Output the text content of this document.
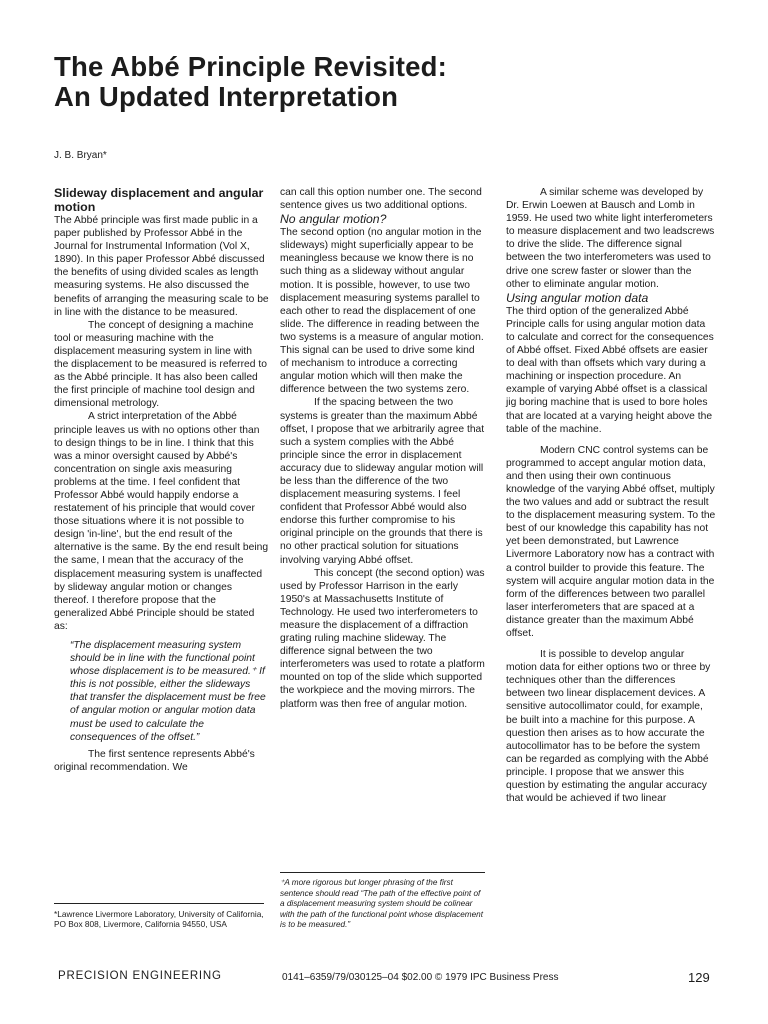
The Abbé Principle Revisited:
An Updated Interpretation
J. B. Bryan*

Slideway displacement and angular motion

The Abbé principle was first made public in a paper published by Professor Abbé in the Journal for Instrumental Information (Vol X, 1890). In this paper Professor Abbé discussed the benefits of using divided scales as length measuring systems. He also discussed the benefits of arranging the measuring scale to be in line with the distance to be measured.

The concept of designing a machine tool or measuring machine with the displacement measuring system in line with the displacement to be measured is referred to as the Abbé principle. It has also been called the first principle of machine tool design and dimensional metrology.

A strict interpretation of the Abbé principle leaves us with no options other than to design things to be in line. I think that this was a minor oversight caused by Abbé's concentration on single axis measuring problems at the time. I feel confident that Professor Abbé would happily endorse a restatement of his principle that would cover those situations where it is not possible to design 'in-line', but the end result of the alternative is the same. By the end result being the same, I mean that the accuracy of the displacement measuring system is unaffected by slideway angular motion or changes thereof. I therefore propose that the generalized Abbé Principle should be stated as:

“The displacement measuring system should be in line with the functional point whose displacement is to be measured.⁺ If this is not possible, either the slideways that transfer the displacement must be free of angular motion or angular motion data must be used to calculate the consequences of the offset.”

The first sentence represents Abbé's original recommendation. We

*Lawrence Livermore Laboratory, University of California, PO Box 808, Livermore, California 94550, USA

can call this option number one. The second sentence gives us two additional options.

No angular motion?

The second option (no angular motion in the slideways) might superficially appear to be meaningless because we know there is no such thing as a slideway without angular motion. It is possible, however, to use two displacement measuring systems parallel to each other to read the displacement of one slide. The difference in reading between the two systems is a measure of angular motion. This signal can be used to drive some kind of mechanism to introduce a correcting angular motion which will then make the difference between the two systems zero.

If the spacing between the two systems is greater than the maximum Abbé offset, I propose that we arbitrarily agree that such a system complies with the Abbé principle since the error in displacement accuracy due to slideway angular motion will be less than the difference of the two displacement measuring systems. I feel confident that Professor Abbé would also endorse this further compromise to his original principle on the grounds that there is no other practical solution for situations involving varying Abbé offset.

This concept (the second option) was used by Professor Harrison in the early 1950's at Massachusetts Institute of Technology. He used two interferometers to measure the displacement of a diffraction grating ruling machine slideway. The difference signal between the two interferometers was used to rotate a platform mounted on top of the slide which supported the workpiece and the moving mirrors. The platform was then free of angular motion.

⁺A more rigorous but longer phrasing of the first sentence should read “The path of the effective point of a displacement measuring system should be colinear with the path of the functional point whose displacement is to be measured.”

A similar scheme was developed by Dr. Erwin Loewen at Bausch and Lomb in 1959. He used two white light interferometers to measure displacement and two leadscrews to drive the slide. The difference signal between the two interferometers was used to drive one screw faster or slower than the other to eliminate angular motion.

Using angular motion data

The third option of the generalized Abbé Principle calls for using angular motion data to calculate and correct for the consequences of Abbé offset. Fixed Abbé offsets are easier to deal with than offsets which vary during a machining or inspection procedure. An example of varying Abbé offset is a classical jig boring machine that is used to bore holes that are located at a varying height above the table of the machine.

Modern CNC control systems can be programmed to accept angular motion data, and then using their own continuous knowledge of the varying Abbé offset, multiply the two values and add or subtract the result to the displacement measuring system. To the best of our knowledge this capability has not yet been demonstrated, but Lawrence Livermore Laboratory now has a contract with a control builder to provide this feature. The system will acquire angular motion data in the form of the differences between two parallel laser interferometers that are spaced at a distance greater than the maximum Abbé offset.

It is possible to develop angular motion data for either options two or three by techniques other than the differences between two linear displacement devices. A sensitive autocollimator could, for example, be built into a machine for this purpose. A question then arises as to how accurate the autocollimator has to be before the system can be regarded as complying with the Abbé principle. I propose that we answer this question by estimating the angular accuracy that would be achieved if two linear

PRECISION ENGINEERING	0141–6359/79/030125–04 $02.00 © 1979 IPC Business Press	129
